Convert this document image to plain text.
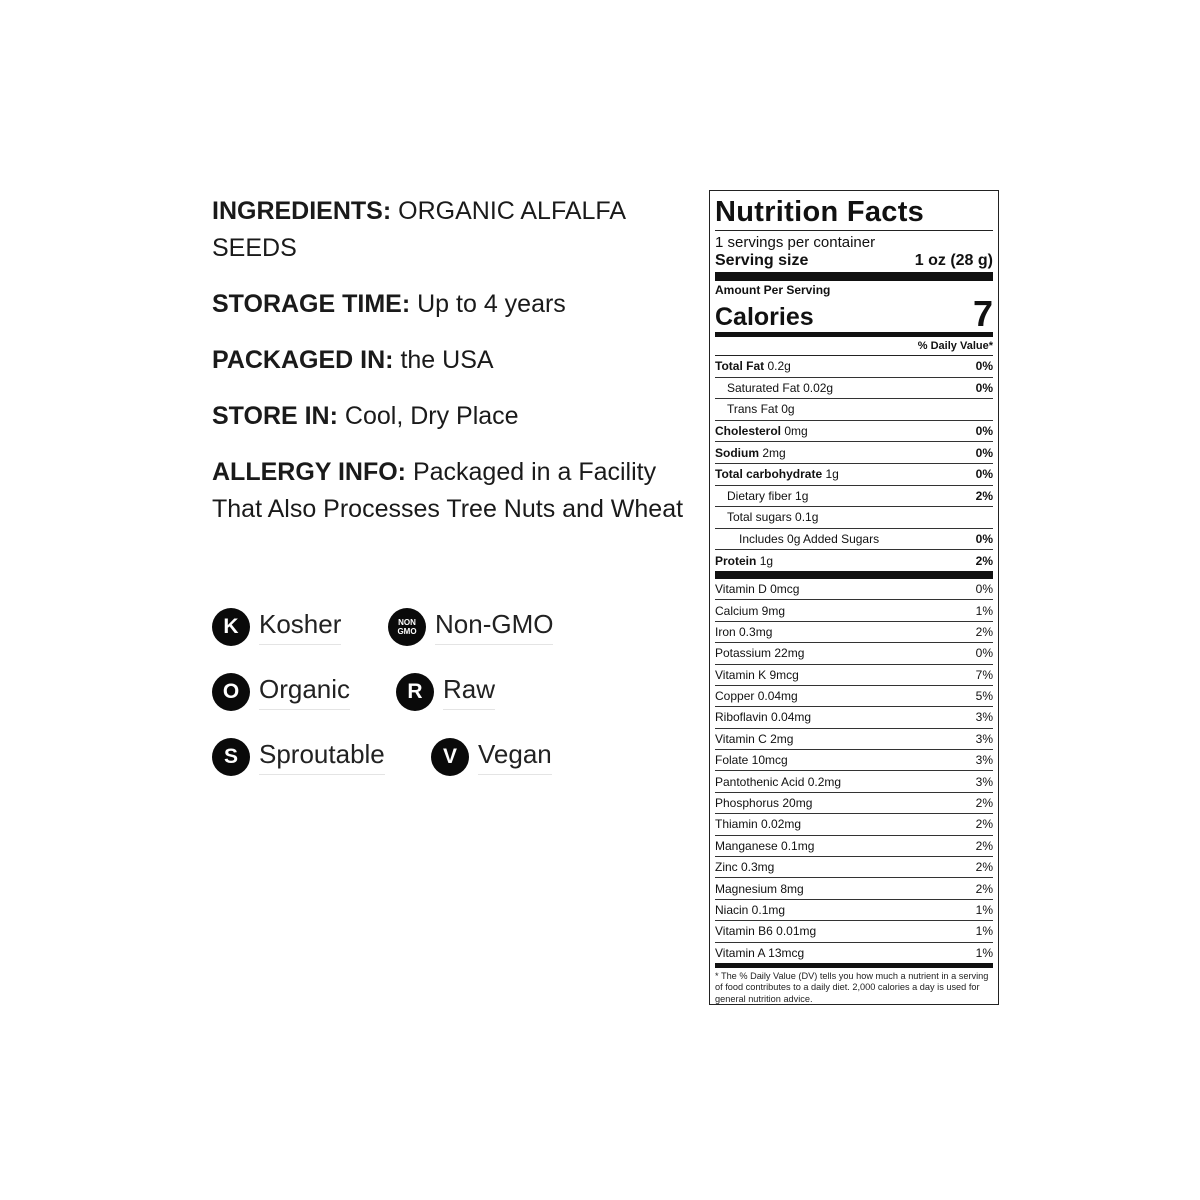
INGREDIENTS: ORGANIC ALFALFA SEEDS
STORAGE TIME: Up to 4 years
PACKAGED IN: the USA
STORE IN: Cool, Dry Place
ALLERGY INFO: Packaged in a Facility That Also Processes Tree Nuts and Wheat
K Kosher	NON
GMO Non-GMO
O Organic	R Raw
S Sproutable	V Vegan
Nutrition Facts
1 servings per container
Serving size	1 oz (28 g)
Amount Per Serving
Calories	7
% Daily Value*
Total Fat 0.2g	0%
Saturated Fat 0.02g	0%
Trans Fat 0g
Cholesterol 0mg	0%
Sodium 2mg	0%
Total carbohydrate 1g	0%
Dietary fiber 1g	2%
Total sugars 0.1g
Includes 0g Added Sugars	0%
Protein 1g	2%
Vitamin D 0mcg	0%
Calcium 9mg	1%
Iron 0.3mg	2%
Potassium 22mg	0%
Vitamin K 9mcg	7%
Copper 0.04mg	5%
Riboflavin 0.04mg	3%
Vitamin C 2mg	3%
Folate 10mcg	3%
Pantothenic Acid 0.2mg	3%
Phosphorus 20mg	2%
Thiamin 0.02mg	2%
Manganese 0.1mg	2%
Zinc 0.3mg	2%
Magnesium 8mg	2%
Niacin 0.1mg	1%
Vitamin B6 0.01mg	1%
Vitamin A 13mcg	1%
* The % Daily Value (DV) tells you how much a nutrient in a serving of food contributes to a daily diet. 2,000 calories a day is used for general nutrition advice.
